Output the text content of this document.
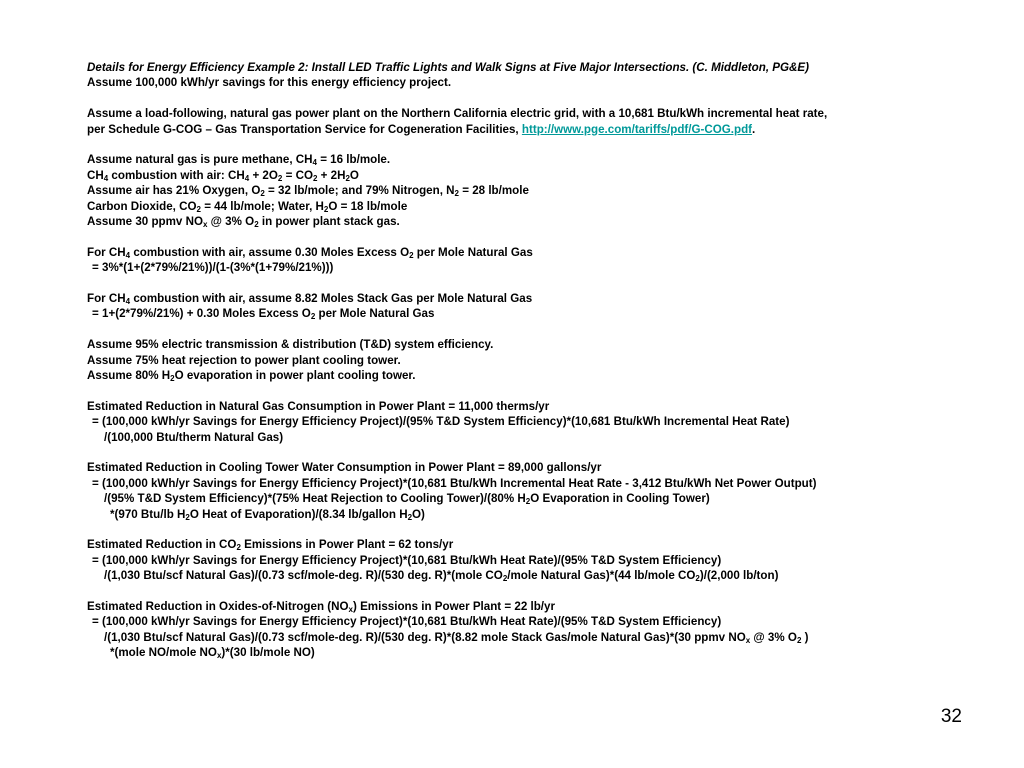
Details for Energy Efficiency Example 2: Install LED Traffic Lights and Walk Signs at Five Major Intersections. (C. Middleton, PG&E)

Assume 100,000 kWh/yr savings for this energy efficiency project.

Assume a load-following, natural gas power plant on the Northern California electric grid, with a 10,681 Btu/kWh incremental heat rate,

per Schedule G-COG – Gas Transportation Service for Cogeneration Facilities, http://www.pge.com/tariffs/pdf/G-COG.pdf.

Assume natural gas is pure methane, $CH_4 = 16$ lb/mole.

$CH_4$ combustion with air: $CH_4 + 2O_2 = CO_2 + 2H_2O$

Assume air has 21% Oxygen, $O_2 = 32$ lb/mole; and 79% Nitrogen, $N_2 = 28$ lb/mole

Carbon Dioxide, $CO_2 = 44$ lb/mole; Water, $H_2O = 18$ lb/mole

Assume 30 ppmv $NO_x$ @ 3% $O_2$ in power plant stack gas.

For $CH_4$ combustion with air, assume 0.30 Moles Excess $O_2$ per Mole Natural Gas

= 3%*(1+(2*79%/21%))/(1-(3%*(1+79%/21%)))

For $CH_4$ combustion with air, assume 8.82 Moles Stack Gas per Mole Natural Gas

= 1+(2*79%/21%) + 0.30 Moles Excess $O_2$ per Mole Natural Gas

Assume 95% electric transmission & distribution (T&D) system efficiency.

Assume 75% heat rejection to power plant cooling tower.

Assume 80% $H_2O$ evaporation in power plant cooling tower.

Estimated Reduction in Natural Gas Consumption in Power Plant = 11,000 therms/yr

= (100,000 kWh/yr Savings for Energy Efficiency Project)/(95% T&D System Efficiency)*(10,681 Btu/kWh Incremental Heat Rate)

/(100,000 Btu/therm Natural Gas)

Estimated Reduction in Cooling Tower Water Consumption in Power Plant = 89,000 gallons/yr

= (100,000 kWh/yr Savings for Energy Efficiency Project)*(10,681 Btu/kWh Incremental Heat Rate - 3,412 Btu/kWh Net Power Output)

/(95% T&D System Efficiency)*(75% Heat Rejection to Cooling Tower)/(80% $H_2O$ Evaporation in Cooling Tower)

*(970 Btu/lb $H_2O$ Heat of Evaporation)/(8.34 lb/gallon $H_2O$)

Estimated Reduction in $CO_2$ Emissions in Power Plant = 62 tons/yr

= (100,000 kWh/yr Savings for Energy Efficiency Project)*(10,681 Btu/kWh Heat Rate)/(95% T&D System Efficiency)

/(1,030 Btu/scf Natural Gas)/(0.73 scf/mole-deg. R)/(530 deg. R)*(mole $CO_2$/mole Natural Gas)*(44 lb/mole $CO_2)/(2,000$ lb/ton)

Estimated Reduction in Oxides-of-Nitrogen $(NO_x)$ Emissions in Power Plant = 22 lb/yr

= (100,000 kWh/yr Savings for Energy Efficiency Project)*(10,681 Btu/kWh Heat Rate)/(95% T&D System Efficiency)

/(1,030 Btu/scf Natural Gas)/(0.73 scf/mole-deg. R)/(530 deg. R)*(8.82 mole Stack Gas/mole Natural Gas)*(30 ppmv $NO_x$ @ 3% $O_2$ )

*(mole NO/mole $NO_x)*(30$ lb/mole NO)

32
